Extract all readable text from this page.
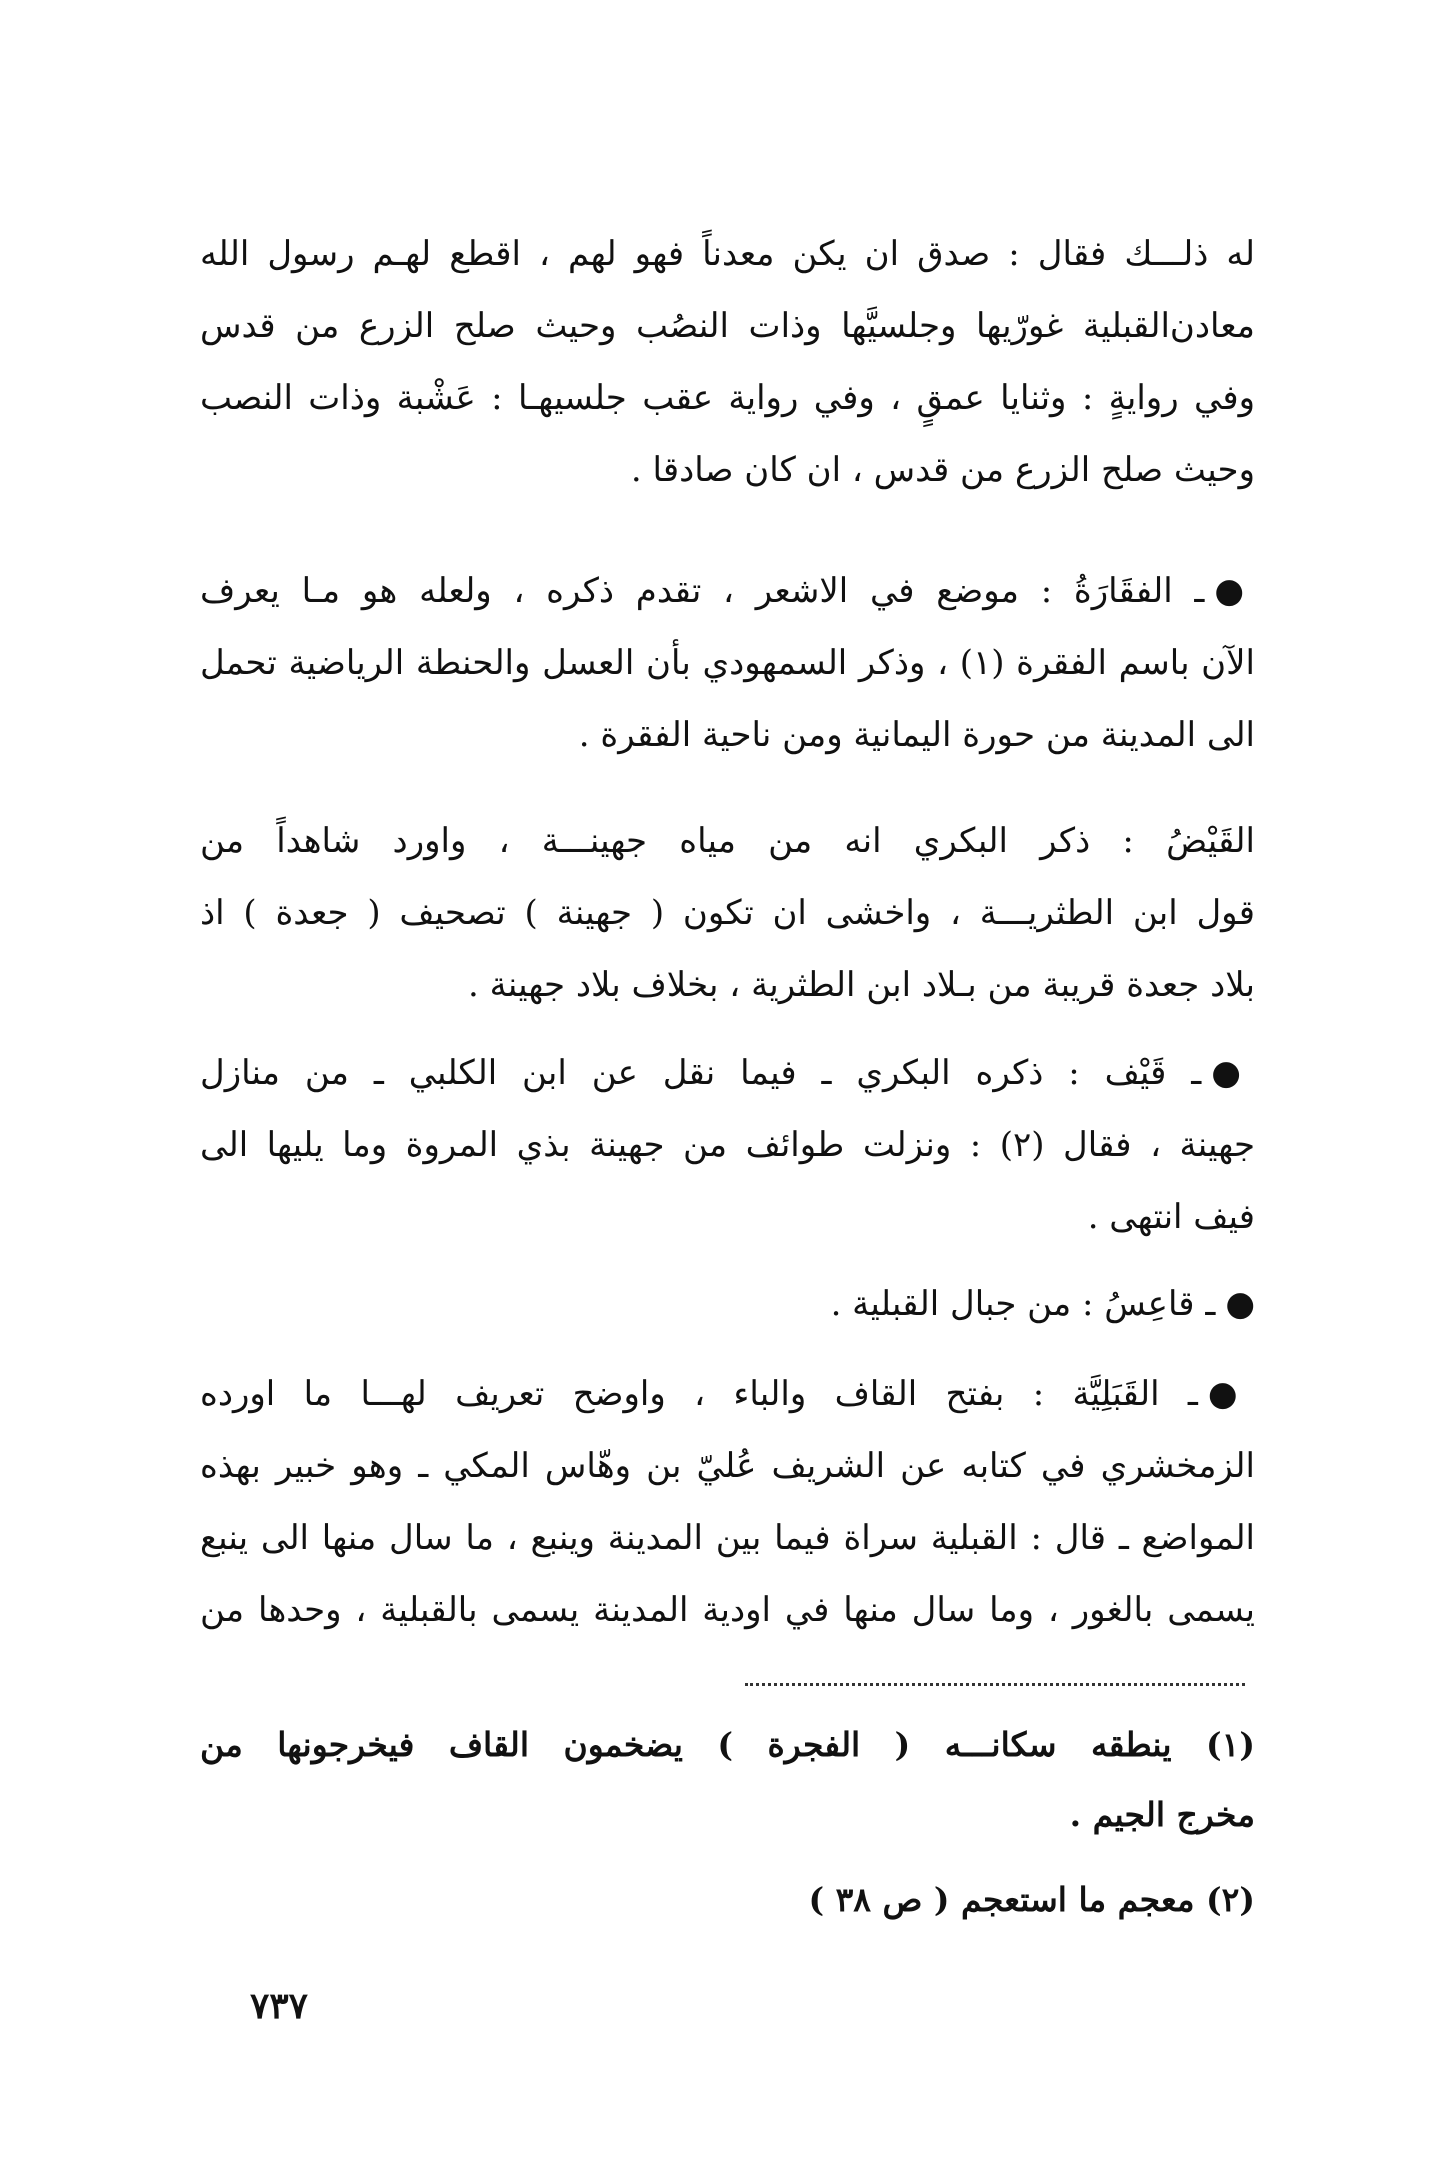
له ذلـــك فقال : صدق ان يكن معدناً فهو لهم ، اقطع لهـم رسول الله
معادن‌القبلية غورّيها وجلسيَّها وذات النصُب وحيث صلح الزرع من قدس
وفي روايةٍ : وثنايا عمقٍ ، وفي رواية عقب جلسيهـا : عَشْبة وذات النصب
وحيث صلح الزرع من قدس ، ان كان صادقا .
●ـ الفقَارَةُ : موضع في الاشعر ، تقدم ذكره ، ولعله هو مـا يعرف
الآن باسم الفقرة (١) ، وذكر السمهودي بأن العسل والحنطة الرياضية تحمل
الى المدينة من حورة اليمانية ومن ناحية الفقرة .
القَيْضُ : ذكر البكري انه من مياه جهينـــة ، واورد شاهداً من
قول ابن الطثريـــة ، واخشى ان تكون ( جهينة ) تصحيف ( جعدة ) اذ
بلاد جعدة قريبة من بـلاد ابن الطثرية ، بخلاف بلاد جهينة .
●ـ قَيْف : ذكره البكري ـ فيما نقل عن ابن الكلبي ـ من منازل
جهينة ، فقال (٢) : ونزلت طوائف من جهينة بذي المروة وما يليها الى
فيف انتهى .
●ـ قاعِسُ : من جبال القبلية .
●ـ القَبَلِيَّة : بفتح القاف والباء ، واوضح تعريف لهـــا ما اورده
الزمخشري في كتابه عن الشريف عُليّ بن وهّاس المكي ـ وهو خبير بهذه
المواضع ـ قال : القبلية سراة فيما بين المدينة وينبع ، ما سال منها الى ينبع
يسمى بالغور ، وما سال منها في اودية المدينة يسمى بالقبلية ، وحدها من
(١) ينطقه سكانـــه ( الفجرة ) يضخمون القاف فيخرجونها من
مخرج الجيم .
(٢) معجم ما استعجم ( ص ٣٨ )
٧٣٧
